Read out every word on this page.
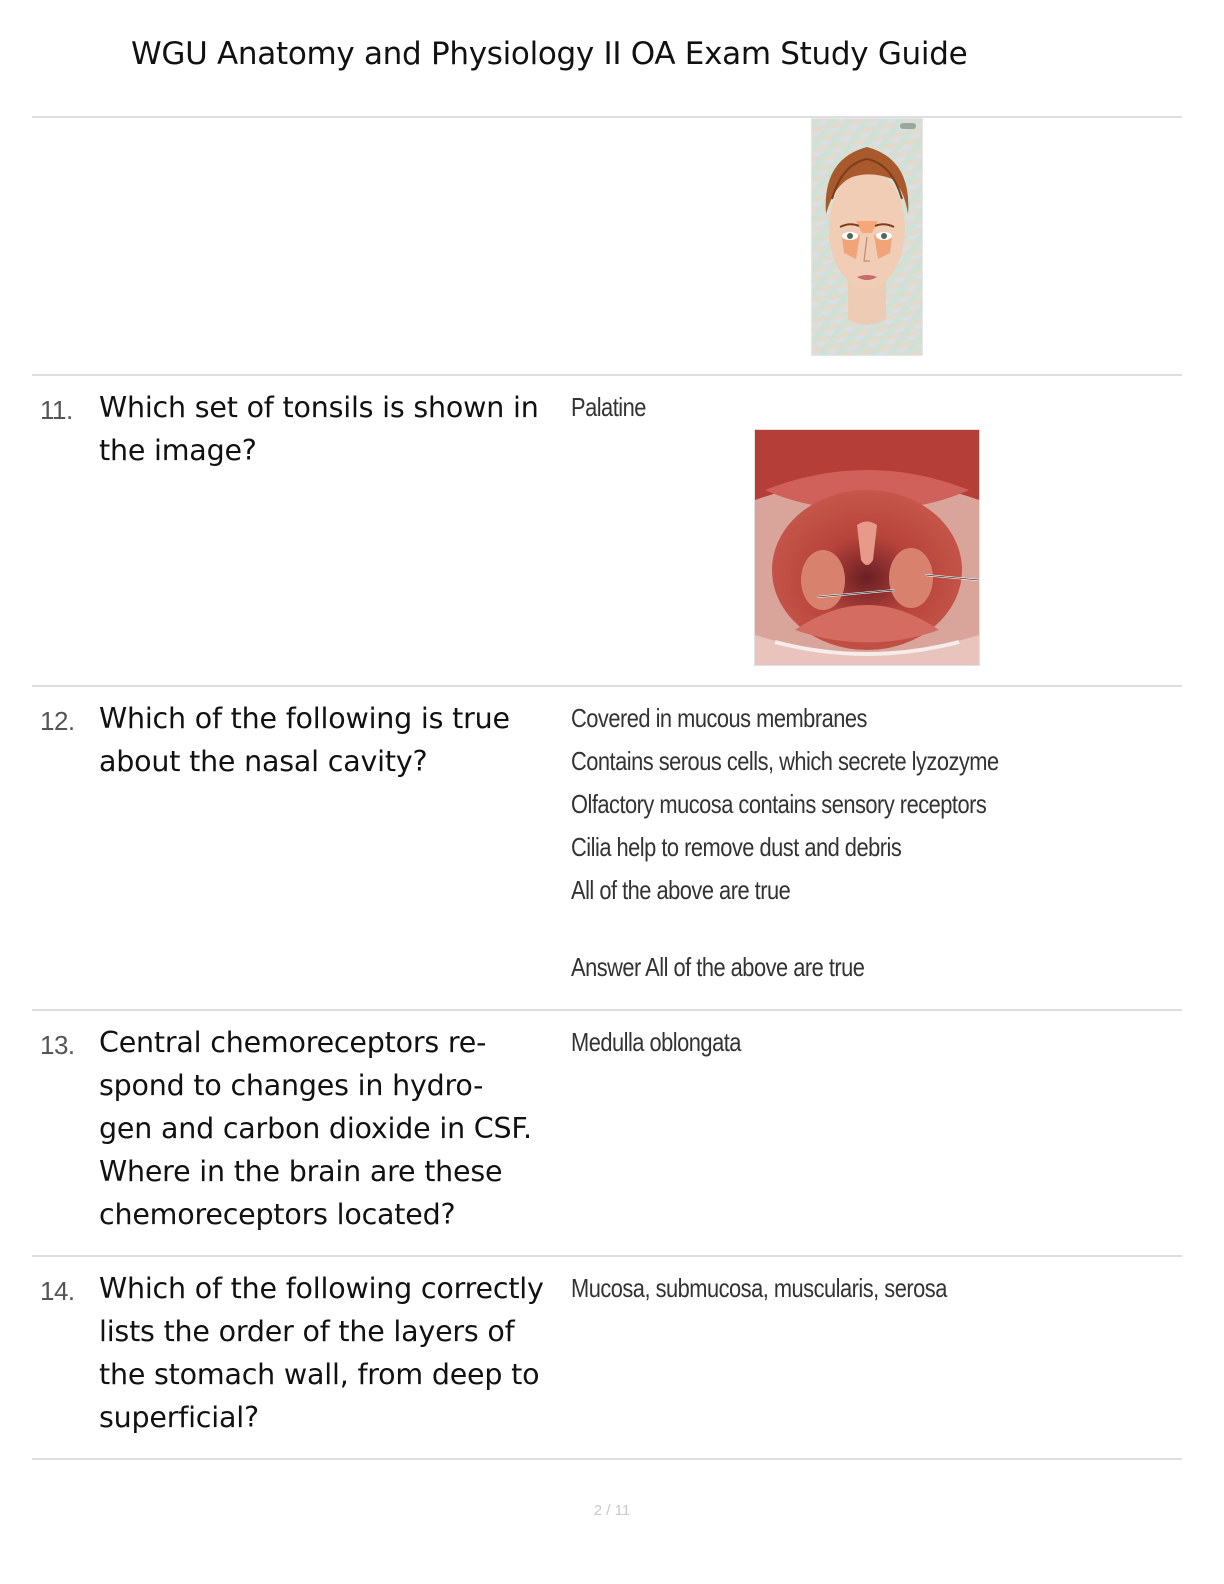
WGU Anatomy and Physiology II OA Exam Study Guide
11. Which set of tonsils is shown in
the image?
Palatine
12. Which of the following is true
about the nasal cavity?
Covered in mucous membranes
Contains serous cells, which secrete lyzozyme
Olfactory mucosa contains sensory receptors
Cilia help to remove dust and debris
All of the above are true
Answer All of the above are true
13. Central chemoreceptors re-
spond to changes in hydro-
gen and carbon dioxide in CSF.
Where in the brain are these
chemoreceptors located?
Medulla oblongata
14. Which of the following correctly
lists the order of the layers of
the stomach wall, from deep to
superficial?
Mucosa, submucosa, muscularis, serosa
2 / 11
